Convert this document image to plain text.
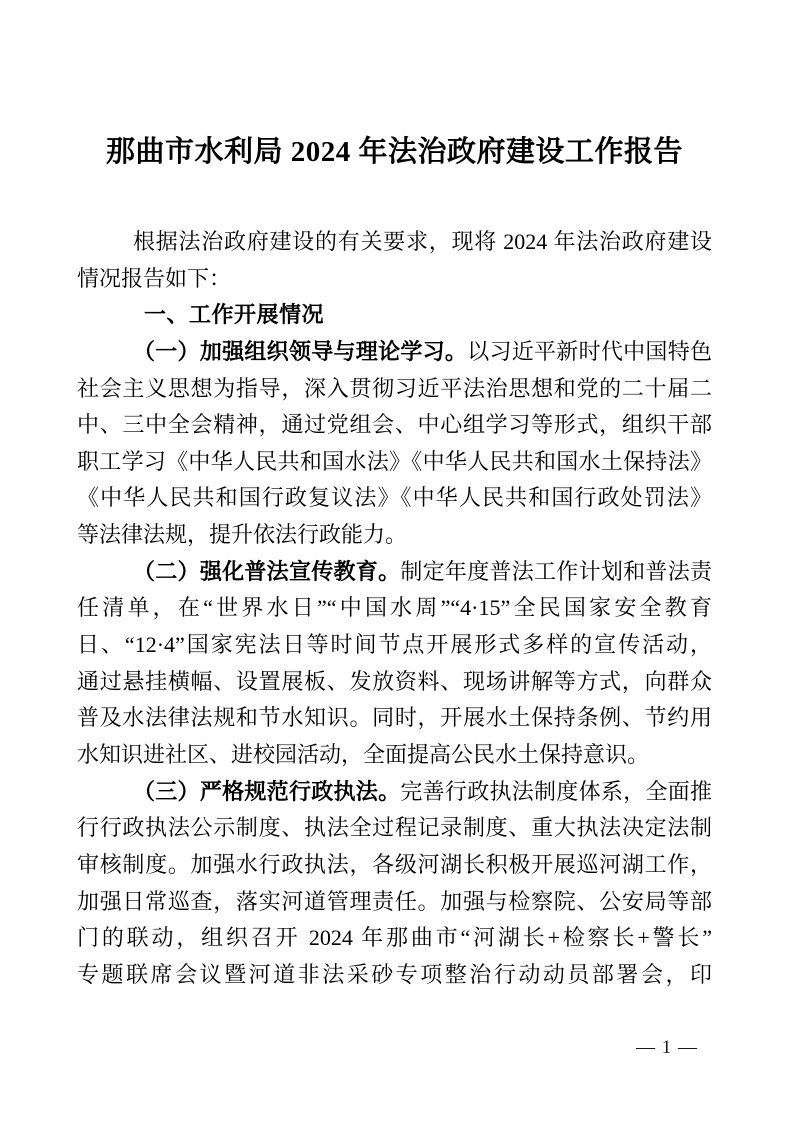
那曲市水利局 2024 年法治政府建设工作报告
根据法治政府建设的有关要求，现将 2024 年法治政府建设
情况报告如下：
一、工作开展情况
（一）加强组织领导与理论学习。以习近平新时代中国特色
社会主义思想为指导，深入贯彻习近平法治思想和党的二十届二
中、三中全会精神，通过党组会、中心组学习等形式，组织干部
职工学习《中华人民共和国水法》《中华人民共和国水土保持法》
《中华人民共和国行政复议法》《中华人民共和国行政处罚法》
等法律法规，提升依法行政能力。
（二）强化普法宣传教育。制定年度普法工作计划和普法责
任清单，在“世界水日”“中国水周”“4·15”全民国家安全教育
日、“12·4”国家宪法日等时间节点开展形式多样的宣传活动，
通过悬挂横幅、设置展板、发放资料、现场讲解等方式，向群众
普及水法律法规和节水知识。同时，开展水土保持条例、节约用
水知识进社区、进校园活动，全面提高公民水土保持意识。
（三）严格规范行政执法。完善行政执法制度体系，全面推
行行政执法公示制度、执法全过程记录制度、重大执法决定法制
审核制度。加强水行政执法，各级河湖长积极开展巡河湖工作，
加强日常巡查，落实河道管理责任。加强与检察院、公安局等部
门的联动，组织召开 2024 年那曲市“河湖长+检察长+警长”
专题联席会议暨河道非法采砂专项整治行动动员部署会，印
— 1 —
